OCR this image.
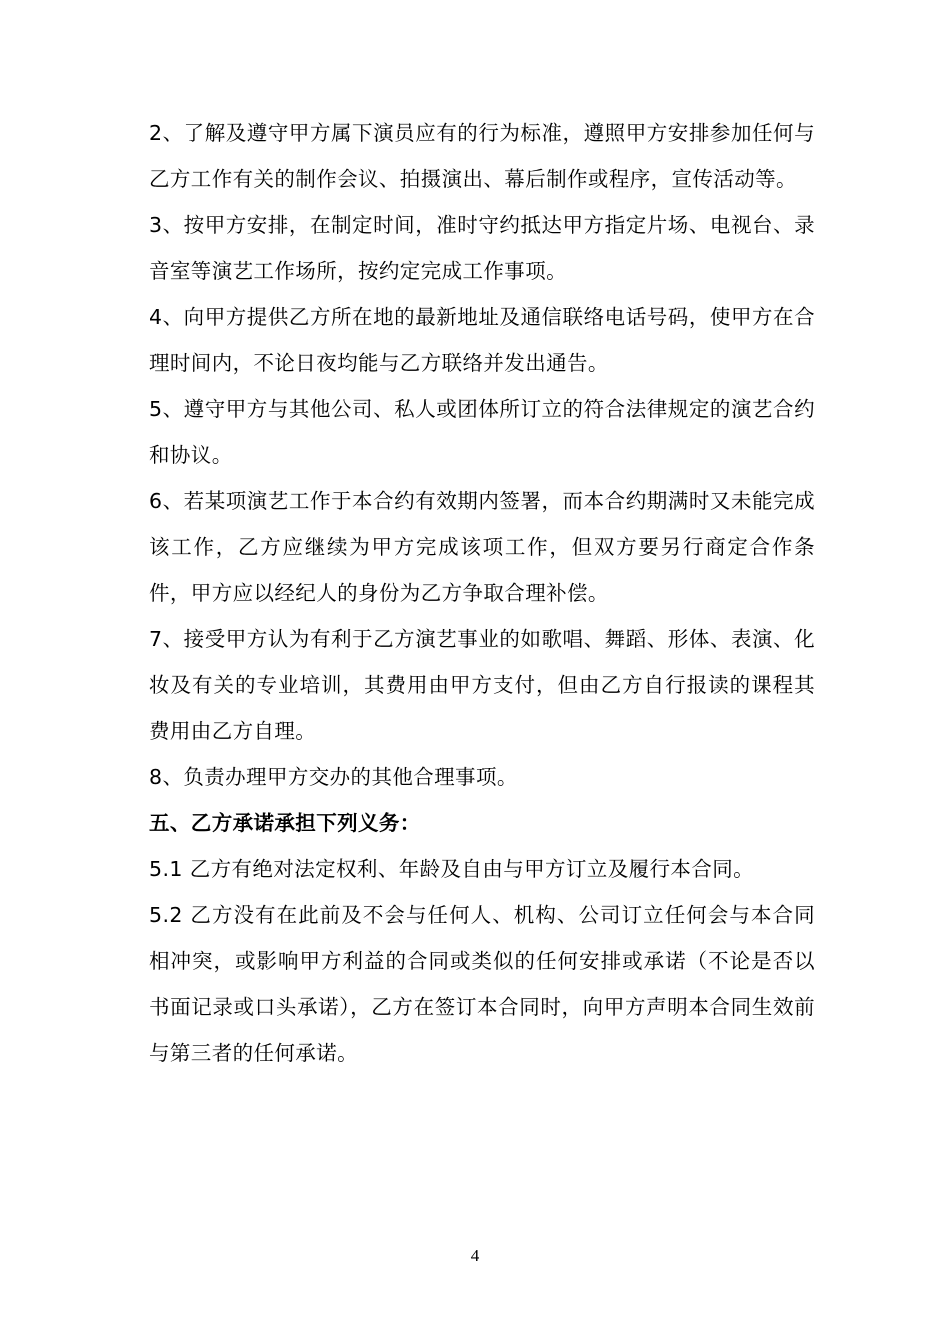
2、了解及遵守甲方属下演员应有的行为标准，遵照甲方安排参加任何与乙方工作有关的制作会议、拍摄演出、幕后制作或程序，宣传活动等。

3、按甲方安排，在制定时间，准时守约抵达甲方指定片场、电视台、录音室等演艺工作场所，按约定完成工作事项。

4、向甲方提供乙方所在地的最新地址及通信联络电话号码，使甲方在合理时间内，不论日夜均能与乙方联络并发出通告。

5、遵守甲方与其他公司、私人或团体所订立的符合法律规定的演艺合约和协议。

6、若某项演艺工作于本合约有效期内签署，而本合约期满时又未能完成该工作，乙方应继续为甲方完成该项工作，但双方要另行商定合作条件，甲方应以经纪人的身份为乙方争取合理补偿。

7、接受甲方认为有利于乙方演艺事业的如歌唱、舞蹈、形体、表演、化妆及有关的专业培训，其费用由甲方支付，但由乙方自行报读的课程其费用由乙方自理。

8、负责办理甲方交办的其他合理事项。

五、乙方承诺承担下列义务：

5.1 乙方有绝对法定权利、年龄及自由与甲方订立及履行本合同。

5.2 乙方没有在此前及不会与任何人、机构、公司订立任何会与本合同相冲突，或影响甲方利益的合同或类似的任何安排或承诺（不论是否以书面记录或口头承诺），乙方在签订本合同时，向甲方声明本合同生效前与第三者的任何承诺。

4
